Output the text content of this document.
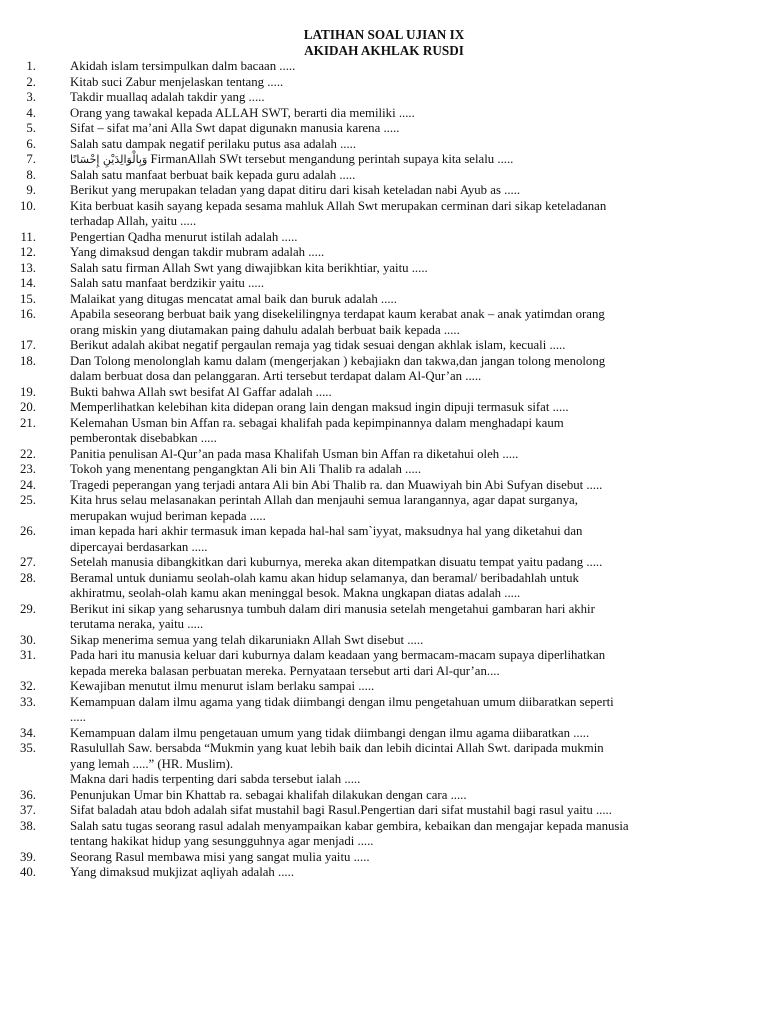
LATIHAN SOAL UJIAN IX
AKIDAH AKHLAK RUSDI
1.	Akidah islam tersimpulkan dalm bacaan .....
2.	Kitab suci Zabur menjelaskan tentang .....
3.	Takdir muallaq adalah takdir yang .....
4.	Orang yang tawakal kepada ALLAH SWT, berarti dia memiliki .....
5.	Sifat – sifat ma’ani Alla Swt dapat digunakn manusia karena .....
6.	Salah satu dampak negatif perilaku putus asa adalah .....
7.	وَبِالْوَالِدَيْنِ إِحْسَانًا FirmanAllah SWt tersebut mengandung perintah supaya kita selalu .....
8.	Salah satu manfaat berbuat baik kepada guru adalah .....
9.	Berikut yang merupakan teladan yang dapat ditiru dari kisah keteladan nabi Ayub as .....
10.	Kita berbuat kasih sayang kepada sesama mahluk Allah Swt merupakan cerminan dari sikap keteladanan
terhadap Allah, yaitu .....
11.	Pengertian Qadha menurut istilah adalah .....
12.	Yang dimaksud dengan takdir mubram adalah .....
13.	Salah satu firman Allah Swt yang diwajibkan kita berikhtiar, yaitu .....
14.	Salah satu manfaat berdzikir yaitu .....
15.	Malaikat yang ditugas mencatat amal baik dan buruk adalah .....
16.	Apabila seseorang berbuat baik yang disekelilingnya terdapat kaum kerabat anak – anak yatimdan orang
orang miskin yang diutamakan paing dahulu adalah berbuat baik kepada .....
17.	Berikut adalah akibat negatif pergaulan remaja yag tidak sesuai dengan akhlak islam, kecuali .....
18.	Dan Tolong menolonglah kamu dalam (mengerjakan ) kebajiakn dan takwa,dan jangan tolong menolong
dalam berbuat dosa dan pelanggaran. Arti tersebut terdapat dalam Al-Qur’an .....
19.	Bukti bahwa Allah swt besifat Al Gaffar adalah .....
20.	Memperlihatkan kelebihan kita didepan orang lain dengan maksud ingin dipuji termasuk sifat .....
21.	Kelemahan Usman bin Affan ra. sebagai khalifah pada kepimpinannya dalam menghadapi kaum
pemberontak disebabkan .....
22.	Panitia penulisan Al-Qur’an pada masa Khalifah Usman bin Affan ra diketahui oleh .....
23.	Tokoh yang menentang pengangktan Ali bin Ali Thalib ra adalah .....
24.	Tragedi peperangan yang terjadi antara Ali bin Abi Thalib ra. dan Muawiyah bin Abi Sufyan disebut .....
25.	Kita hrus selau melasanakan perintah Allah dan menjauhi semua larangannya, agar dapat surganya,
merupakan wujud beriman kepada .....
26.	iman kepada hari akhir termasuk iman kepada hal-hal sam`iyyat, maksudnya hal yang diketahui dan
dipercayai berdasarkan .....
27.	Setelah manusia dibangkitkan dari kuburnya, mereka akan ditempatkan disuatu tempat yaitu padang .....
28.	Beramal untuk duniamu seolah-olah kamu akan hidup selamanya, dan beramal/ beribadahlah untuk
akhiratmu, seolah-olah kamu akan meninggal besok. Makna ungkapan diatas adalah .....
29.	Berikut ini sikap yang seharusnya tumbuh dalam diri manusia setelah mengetahui gambaran hari akhir
terutama neraka, yaitu .....
30.	Sikap menerima semua yang telah dikaruniakn Allah Swt disebut .....
31.	Pada hari itu manusia keluar dari kuburnya dalam keadaan yang bermacam-macam supaya diperlihatkan
kepada mereka balasan perbuatan mereka. Pernyataan tersebut arti dari Al-qur’an....
32.	Kewajiban menutut ilmu menurut islam berlaku sampai .....
33.	Kemampuan dalam ilmu agama yang tidak diimbangi dengan ilmu pengetahuan umum diibaratkan seperti
.....
34.	Kemampuan dalam ilmu pengetauan umum yang tidak diimbangi dengan ilmu agama diibaratkan .....
35.	Rasulullah Saw. bersabda “Mukmin yang kuat lebih baik dan lebih dicintai Allah Swt. daripada mukmin
yang lemah .....” (HR. Muslim).
Makna dari hadis terpenting dari sabda tersebut ialah .....
36.	Penunjukan Umar bin Khattab ra. sebagai khalifah dilakukan dengan cara .....
37.	Sifat baladah atau bdoh adalah sifat mustahil bagi Rasul.Pengertian dari sifat mustahil bagi rasul yaitu .....
38.	Salah satu tugas seorang rasul adalah menyampaikan kabar gembira, kebaikan dan mengajar kepada manusia
tentang hakikat hidup yang sesungguhnya agar menjadi .....
39.	Seorang Rasul membawa misi yang sangat mulia yaitu .....
40.	Yang dimaksud mukjizat aqliyah adalah .....
